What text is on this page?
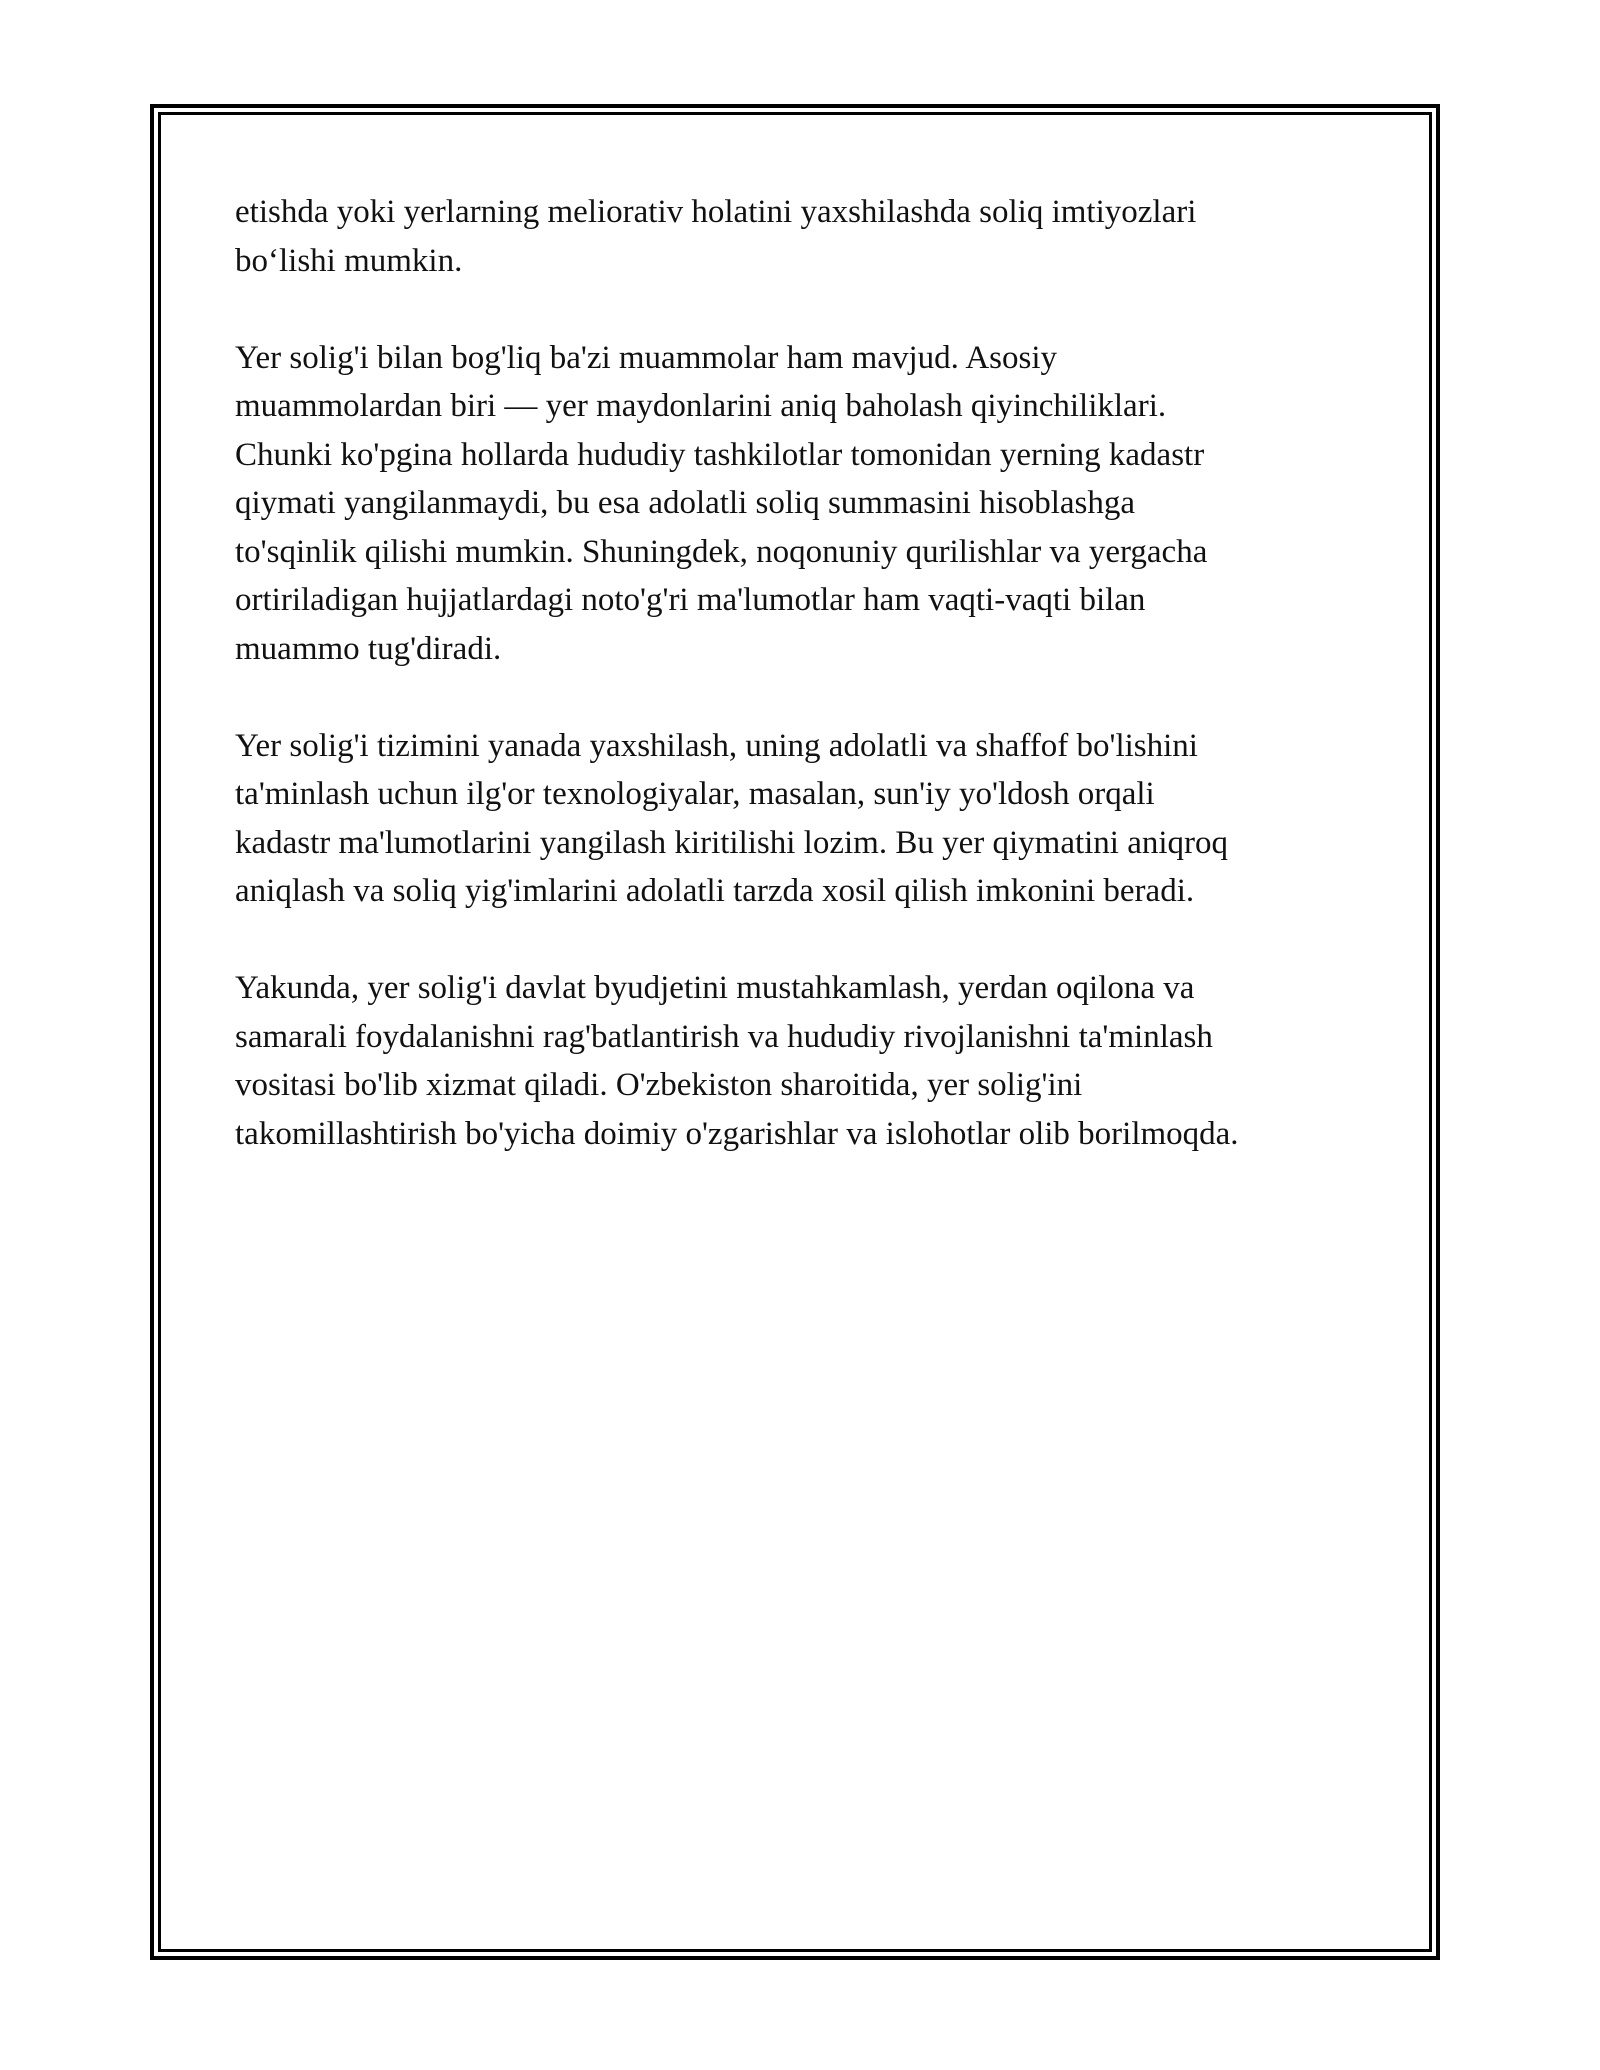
etishda yoki yerlarning meliorativ holatini yaxshilashda soliq imtiyozlari
bo‘lishi mumkin.

Yer solig'i bilan bog'liq ba'zi muammolar ham mavjud. Asosiy
muammolardan biri — yer maydonlarini aniq baholash qiyinchiliklari.
Chunki ko'pgina hollarda hududiy tashkilotlar tomonidan yerning kadastr
qiymati yangilanmaydi, bu esa adolatli soliq summasini hisoblashga
to'sqinlik qilishi mumkin. Shuningdek, noqonuniy qurilishlar va yergacha
ortiriladigan hujjatlardagi noto'g'ri ma'lumotlar ham vaqti-vaqti bilan
muammo tug'diradi.

Yer solig'i tizimini yanada yaxshilash, uning adolatli va shaffof bo'lishini
ta'minlash uchun ilg'or texnologiyalar, masalan, sun'iy yo'ldosh orqali
kadastr ma'lumotlarini yangilash kiritilishi lozim. Bu yer qiymatini aniqroq
aniqlash va soliq yig'imlarini adolatli tarzda xosil qilish imkonini beradi.

Yakunda, yer solig'i davlat byudjetini mustahkamlash, yerdan oqilona va
samarali foydalanishni rag'batlantirish va hududiy rivojlanishni ta'minlash
vositasi bo'lib xizmat qiladi. O'zbekiston sharoitida, yer solig'ini
takomillashtirish bo'yicha doimiy o'zgarishlar va islohotlar olib borilmoqda.
